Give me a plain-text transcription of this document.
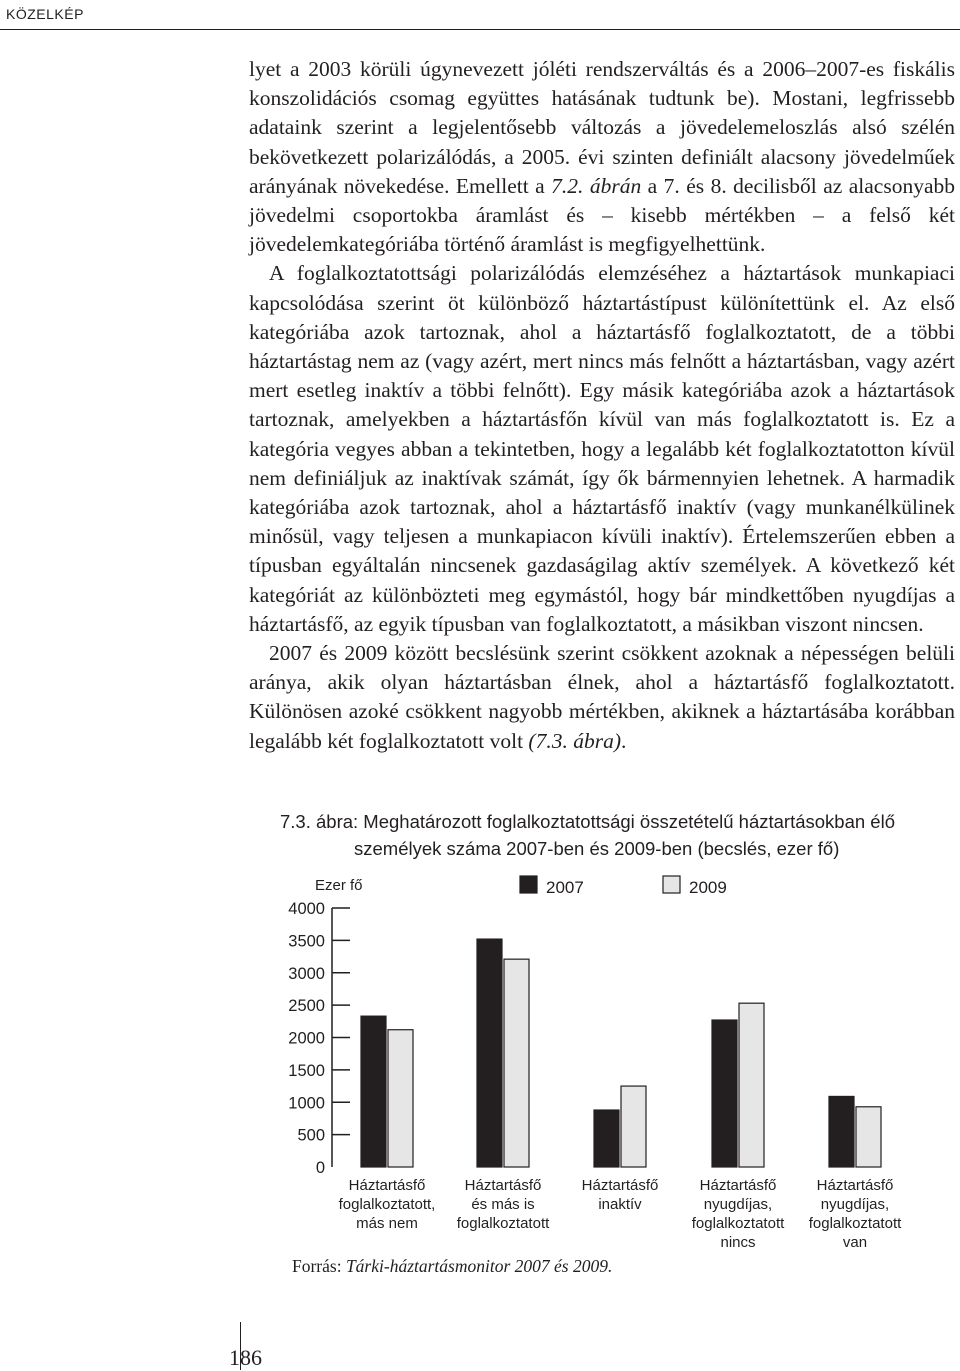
KÖZELKÉP

lyet a 2003 körüli úgynevezett jóléti rendszerváltás és a 2006–2007-es fiskális konszolidációs csomag együttes hatásának tudtunk be). Mostani, legfrissebb adataink szerint a legjelentősebb változás a jövedelemeloszlás alsó szélén bekövetkezett polarizálódás, a 2005. évi szinten definiált alacsony jövedelműek arányának növekedése. Emellett a 7.2. ábrán a 7. és 8. decilisből az alacsonyabb jövedelmi csoportokba áramlást és – kisebb mértékben – a felső két jövedelemkategóriába történő áramlást is megfigyelhettünk.

A foglalkoztatottsági polarizálódás elemzéséhez a háztartások munkapiaci kapcsolódása szerint öt különböző háztartástípust különítettünk el. Az első kategóriába azok tartoznak, ahol a háztartásfő foglalkoztatott, de a többi háztartástag nem az (vagy azért, mert nincs más felnőtt a háztartásban, vagy azért mert esetleg inaktív a többi felnőtt). Egy másik kategóriába azok a háztartások tartoznak, amelyekben a háztartásfőn kívül van más foglalkoztatott is. Ez a kategória vegyes abban a tekintetben, hogy a legalább két foglalkoztatotton kívül nem definiáljuk az inaktívak számát, így ők bármennyien lehetnek. A harmadik kategóriába azok tartoznak, ahol a háztartásfő inaktív (vagy munkanélkülinek minősül, vagy teljesen a munkapiacon kívüli inaktív). Értelemszerűen ebben a típusban egyáltalán nincsenek gazdaságilag aktív személyek. A következő két kategóriát az különbözteti meg egymástól, hogy bár mindkettőben nyugdíjas a háztartásfő, az egyik típusban van foglalkoztatott, a másikban viszont nincsen.

2007 és 2009 között becslésünk szerint csökkent azoknak a népességen belüli aránya, akik olyan háztartásban élnek, ahol a háztartásfő foglalkoztatott. Különösen azoké csökkent nagyobb mértékben, akiknek a háztartásába korábban legalább két foglalkoztatott volt (7.3. ábra).

7.3. ábra: Meghatározott foglalkoztatottsági összetételű háztartásokban élő
személyek száma 2007-ben és 2009-ben (becslés, ezer fő)
0
500
1000
1500
2000
2500
3000
3500
4000
Ezer fő	2007	2009
Háztartásfő
foglalkoztatott,
más nem
Háztartásfő
és más is
foglalkoztatott
Háztartásfő
inaktív
Háztartásfő
nyugdíjas,
foglalkoztatott
nincs
Háztartásfő
nyugdíjas,
foglalkoztatott
van
Forrás: Tárki-háztartásmonitor 2007 és 2009.
186
